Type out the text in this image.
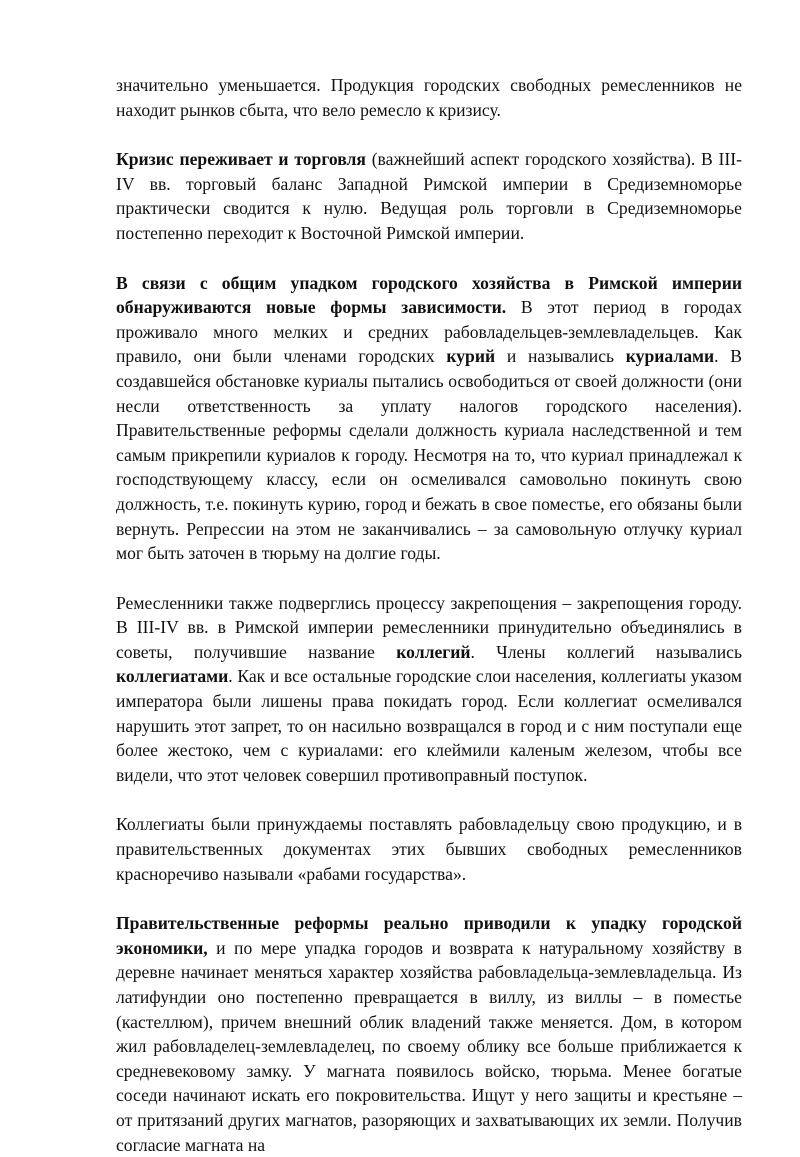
значительно уменьшается. Продукция городских свободных ремесленников не находит рынков сбыта, что вело ремесло к кризису.

Кризис переживает и торговля (важнейший аспект городского хозяйства). В III-IV вв. торговый баланс Западной Римской империи в Средиземноморье практически сводится к нулю. Ведущая роль торговли в Средиземноморье постепенно переходит к Восточной Римской империи.

В связи с общим упадком городского хозяйства в Римской империи обнаруживаются новые формы зависимости. В этот период в городах проживало много мелких и средних рабовладельцев-землевладельцев. Как правило, они были членами городских курий и назывались куриалами. В создавшейся обстановке куриалы пытались освободиться от своей должности (они несли ответственность за уплату налогов городского населения). Правительственные реформы сделали должность куриала наследственной и тем самым прикрепили куриалов к городу. Несмотря на то, что куриал принадлежал к господствующему классу, если он осмеливался самовольно покинуть свою должность, т.е. покинуть курию, город и бежать в свое поместье, его обязаны были вернуть. Репрессии на этом не заканчивались – за самовольную отлучку куриал мог быть заточен в тюрьму на долгие годы.

Ремесленники также подверглись процессу закрепощения – закрепощения городу. В III-IV вв. в Римской империи ремесленники принудительно объединялись в советы, получившие название коллегий. Члены коллегий назывались коллегиатами. Как и все остальные городские слои населения, коллегиаты указом императора были лишены права покидать город. Если коллегиат осмеливался нарушить этот запрет, то он насильно возвращался в город и с ним поступали еще более жестоко, чем с куриалами: его клеймили каленым железом, чтобы все видели, что этот человек совершил противоправный поступок.

Коллегиаты были принуждаемы поставлять рабовладельцу свою продукцию, и в правительственных документах этих бывших свободных ремесленников красноречиво называли «рабами государства».

Правительственные реформы реально приводили к упадку городской экономики, и по мере упадка городов и возврата к натуральному хозяйству в деревне начинает меняться характер хозяйства рабовладельца-землевладельца. Из латифундии оно постепенно превращается в виллу, из виллы – в поместье (кастеллюм), причем внешний облик владений также меняется. Дом, в котором жил рабовладелец-землевладелец, по своему облику все больше приближается к средневековому замку. У магната появилось войско, тюрьма. Менее богатые соседи начинают искать его покровительства. Ищут у него защиты и крестьяне – от притязаний других магнатов, разоряющих и захватывающих их земли. Получив согласие магната на
